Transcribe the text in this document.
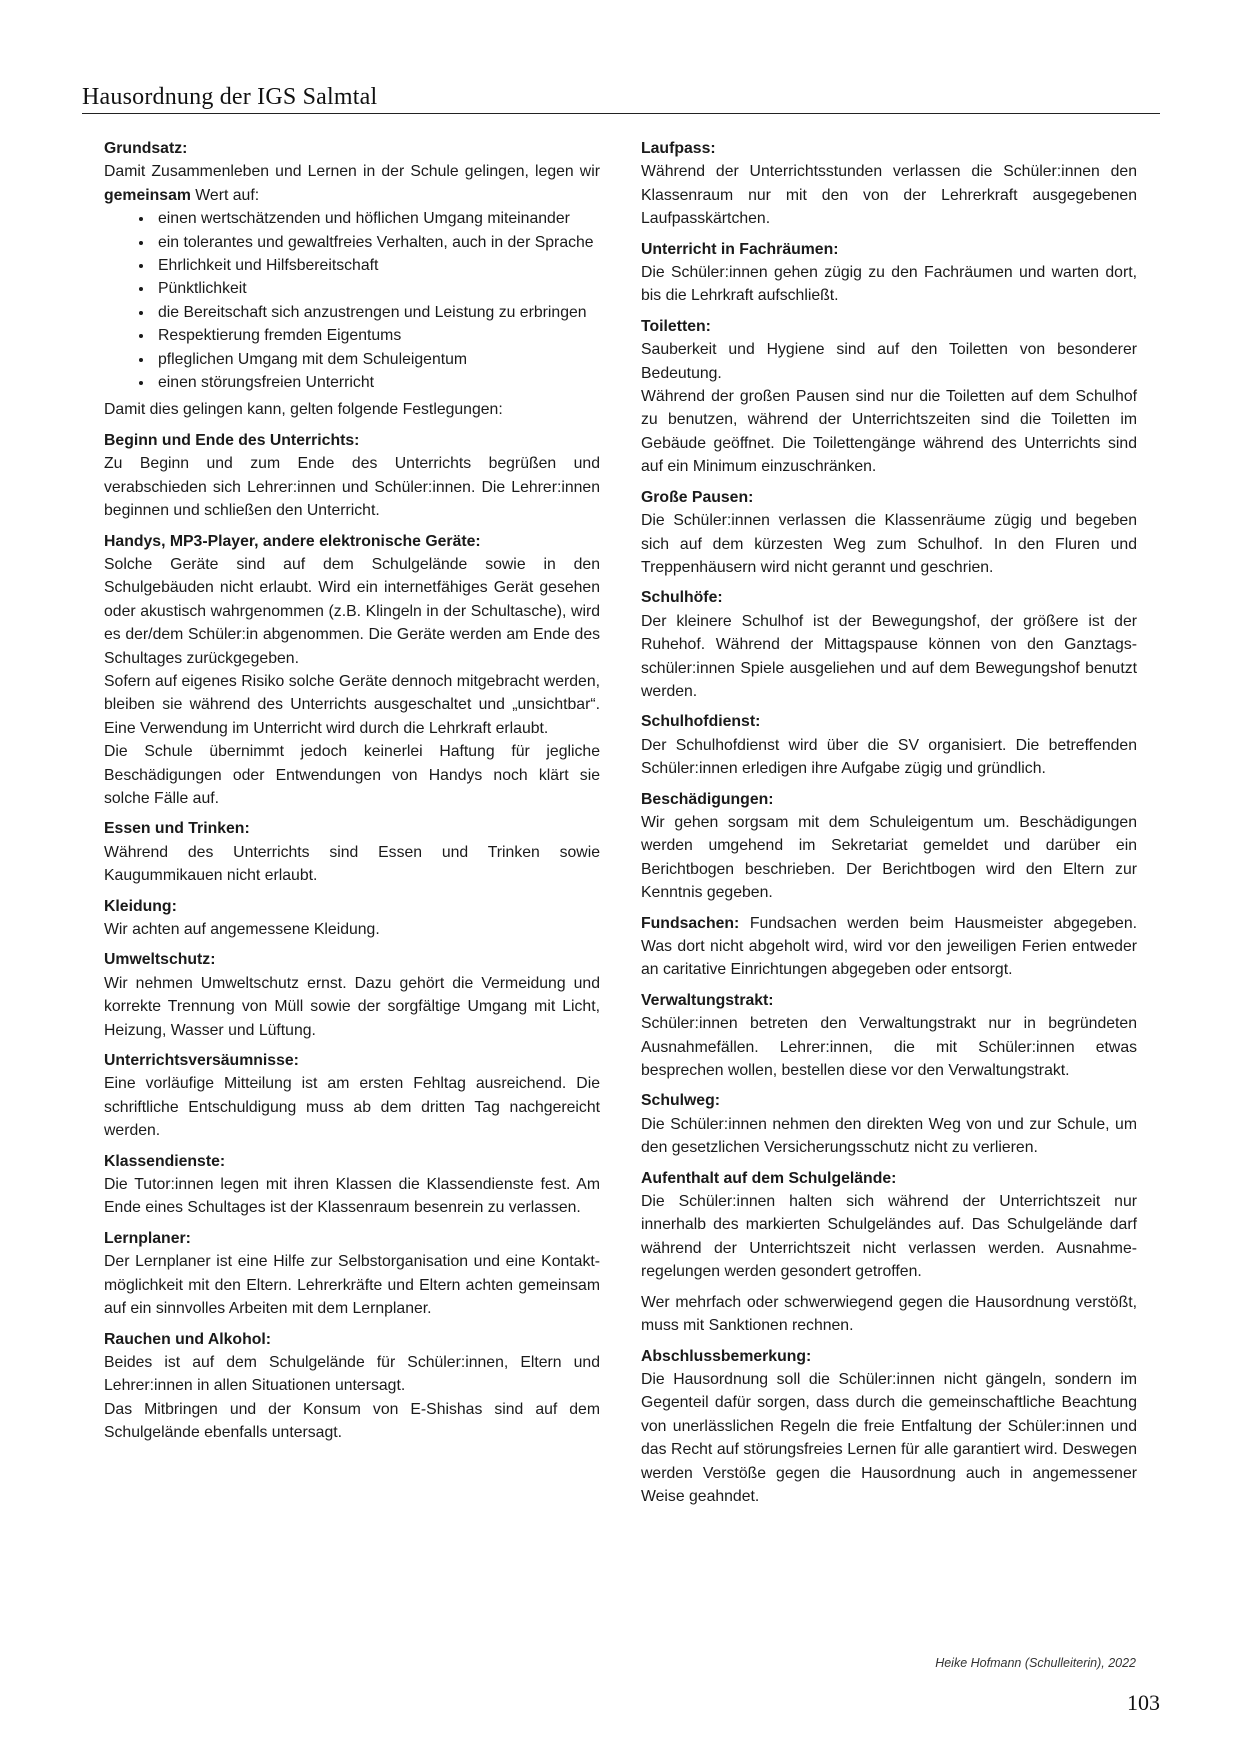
Hausordnung der IGS Salmtal
Grundsatz:
Damit Zusammenleben und Lernen in der Schule gelingen, legen wir gemeinsam Wert auf:
• einen wertschätzenden und höflichen Umgang miteinander
• ein tolerantes und gewaltfreies Verhalten, auch in der Sprache
• Ehrlichkeit und Hilfsbereitschaft
• Pünktlichkeit
• die Bereitschaft sich anzustrengen und Leistung zu erbringen
• Respektierung fremden Eigentums
• pfleglichen Umgang mit dem Schuleigentum
• einen störungsfreien Unterricht
Damit dies gelingen kann, gelten folgende Festlegungen:
Beginn und Ende des Unterrichts:
Zu Beginn und zum Ende des Unterrichts begrüßen und verabschieden sich Lehrer:innen und Schüler:innen. Die Lehrer:innen beginnen und schließen den Unterricht.
Handys, MP3-Player, andere elektronische Geräte:

Solche Geräte sind auf dem Schulgelände sowie in den Schulgebäuden nicht erlaubt. Wird ein internetfähiges Gerät gesehen oder akustisch wahrgenommen (z.B. Klingeln in der Schultasche), wird es der/dem Schüler:in abgenommen. Die Geräte werden am Ende des Schultages zurückgegeben.

Sofern auf eigenes Risiko solche Geräte dennoch mitgebracht werden, bleiben sie während des Unterrichts ausgeschaltet und „unsichtbar“. Eine Verwendung im Unterricht wird durch die Lehrkraft erlaubt.

Die Schule übernimmt jedoch keinerlei Haftung für jegliche Beschädigungen oder Entwendungen von Handys noch klärt sie solche Fälle auf.

Essen und Trinken:
Während des Unterrichts sind Essen und Trinken sowie Kaugummikauen nicht erlaubt.
Kleidung:
Wir achten auf angemessene Kleidung.
Umweltschutz:
Wir nehmen Umweltschutz ernst. Dazu gehört die Vermeidung und korrekte Trennung von Müll sowie der sorgfältige Umgang mit Licht, Heizung, Wasser und Lüftung.
Unterrichtsversäumnisse:
Eine vorläufige Mitteilung ist am ersten Fehltag ausreichend. Die schriftliche Entschuldigung muss ab dem dritten Tag nachgereicht werden.
Klassendienste:
Die Tutor:innen legen mit ihren Klassen die Klassendienste fest. Am Ende eines Schultages ist der Klassenraum besenrein zu verlassen.
Lernplaner:
Der Lernplaner ist eine Hilfe zur Selbstorganisation und eine Kontakt-möglichkeit mit den Eltern. Lehrerkräfte und Eltern achten gemeinsam auf ein sinnvolles Arbeiten mit dem Lernplaner.
Rauchen und Alkohol:

Beides ist auf dem Schulgelände für Schüler:innen, Eltern und Lehrer:innen in allen Situationen untersagt.

Das Mitbringen und der Konsum von E-Shishas sind auf dem Schulgelände ebenfalls untersagt.

Laufpass:
Während der Unterrichtsstunden verlassen die Schüler:innen den Klassenraum nur mit den von der Lehrerkraft ausgegebenen Laufpasskärtchen.
Unterricht in Fachräumen:
Die Schüler:innen gehen zügig zu den Fachräumen und warten dort, bis die Lehrkraft aufschließt.
Toiletten:

Sauberkeit und Hygiene sind auf den Toiletten von besonderer Bedeutung.

Während der großen Pausen sind nur die Toiletten auf dem Schulhof zu benutzen, während der Unterrichtszeiten sind die Toiletten im Gebäude geöffnet. Die Toilettengänge während des Unterrichts sind auf ein Minimum einzuschränken.

Große Pausen:
Die Schüler:innen verlassen die Klassenräume zügig und begeben sich auf dem kürzesten Weg zum Schulhof. In den Fluren und Treppenhäusern wird nicht gerannt und geschrien.
Schulhöfe:
Der kleinere Schulhof ist der Bewegungshof, der größere ist der Ruhehof. Während der Mittagspause können von den Ganztags-schüler:innen Spiele ausgeliehen und auf dem Bewegungshof benutzt werden.
Schulhofdienst:
Der Schulhofdienst wird über die SV organisiert. Die betreffenden Schüler:innen erledigen ihre Aufgabe zügig und gründlich.
Beschädigungen:
Wir gehen sorgsam mit dem Schuleigentum um. Beschädigungen werden umgehend im Sekretariat gemeldet und darüber ein Berichtbogen beschrieben. Der Berichtbogen wird den Eltern zur Kenntnis gegeben.
Fundsachen: Fundsachen werden beim Hausmeister abgegeben. Was dort nicht abgeholt wird, wird vor den jeweiligen Ferien entweder an caritative Einrichtungen abgegeben oder entsorgt.
Verwaltungstrakt:
Schüler:innen betreten den Verwaltungstrakt nur in begründeten Ausnahmefällen. Lehrer:innen, die mit Schüler:innen etwas besprechen wollen, bestellen diese vor den Verwaltungstrakt.
Schulweg:
Die Schüler:innen nehmen den direkten Weg von und zur Schule, um den gesetzlichen Versicherungsschutz nicht zu verlieren.
Aufenthalt auf dem Schulgelände:
Die Schüler:innen halten sich während der Unterrichtszeit nur innerhalb des markierten Schulgeländes auf. Das Schulgelände darf während der Unterrichtszeit nicht verlassen werden. Ausnahme-regelungen werden gesondert getroffen.
Wer mehrfach oder schwerwiegend gegen die Hausordnung verstößt, muss mit Sanktionen rechnen.
Abschlussbemerkung:
Die Hausordnung soll die Schüler:innen nicht gängeln, sondern im Gegenteil dafür sorgen, dass durch die gemeinschaftliche Beachtung von unerlässlichen Regeln die freie Entfaltung der Schüler:innen und das Recht auf störungsfreies Lernen für alle garantiert wird. Deswegen werden Verstöße gegen die Hausordnung auch in angemessener Weise geahndet.
Heike Hofmann (Schulleiterin), 2022
103
